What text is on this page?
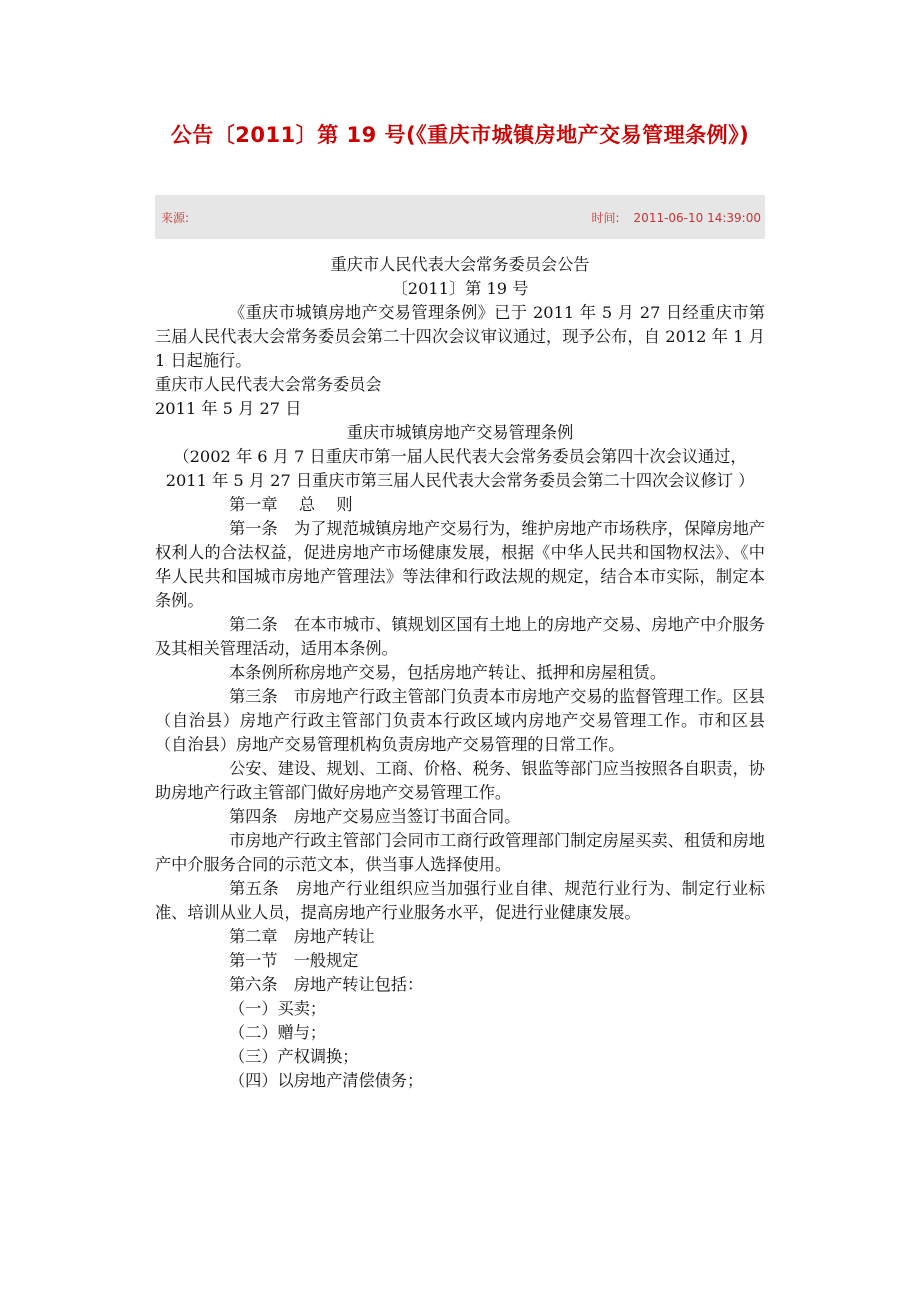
公告〔2011〕第 19 号(《重庆市城镇房地产交易管理条例》)
来源:	时间: 2011-06-10 14:39:00

重庆市人民代表大会常务委员会公告

〔2011〕第 19 号

《重庆市城镇房地产交易管理条例》已于 2011 年 5 月 27 日经重庆市第三届人民代表大会常务委员会第二十四次会议审议通过，现予公布，自 2012 年 1 月 1 日起施行。

重庆市人民代表大会常务委员会

2011 年 5 月 27 日

重庆市城镇房地产交易管理条例

（2002 年 6 月 7 日重庆市第一届人民代表大会常务委员会第四十次会议通过，

2011 年 5 月 27 日重庆市第三届人民代表大会常务委员会第二十四次会议修订 ）

第一章　 总　 则

第一条　为了规范城镇房地产交易行为，维护房地产市场秩序，保障房地产权利人的合法权益，促进房地产市场健康发展，根据《中华人民共和国物权法》、《中华人民共和国城市房地产管理法》等法律和行政法规的规定，结合本市实际，制定本条例。

第二条　在本市城市、镇规划区国有土地上的房地产交易、房地产中介服务及其相关管理活动，适用本条例。

本条例所称房地产交易，包括房地产转让、抵押和房屋租赁。

第三条　市房地产行政主管部门负责本市房地产交易的监督管理工作。区县（自治县）房地产行政主管部门负责本行政区域内房地产交易管理工作。市和区县（自治县）房地产交易管理机构负责房地产交易管理的日常工作。

公安、建设、规划、工商、价格、税务、银监等部门应当按照各自职责，协助房地产行政主管部门做好房地产交易管理工作。

第四条　房地产交易应当签订书面合同。

市房地产行政主管部门会同市工商行政管理部门制定房屋买卖、租赁和房地产中介服务合同的示范文本，供当事人选择使用。

第五条　房地产行业组织应当加强行业自律、规范行业行为、制定行业标准、培训从业人员，提高房地产行业服务水平，促进行业健康发展。

第二章　房地产转让

第一节　一般规定

第六条　房地产转让包括：

（一）买卖；

（二）赠与；

（三）产权调换；

（四）以房地产清偿债务；
